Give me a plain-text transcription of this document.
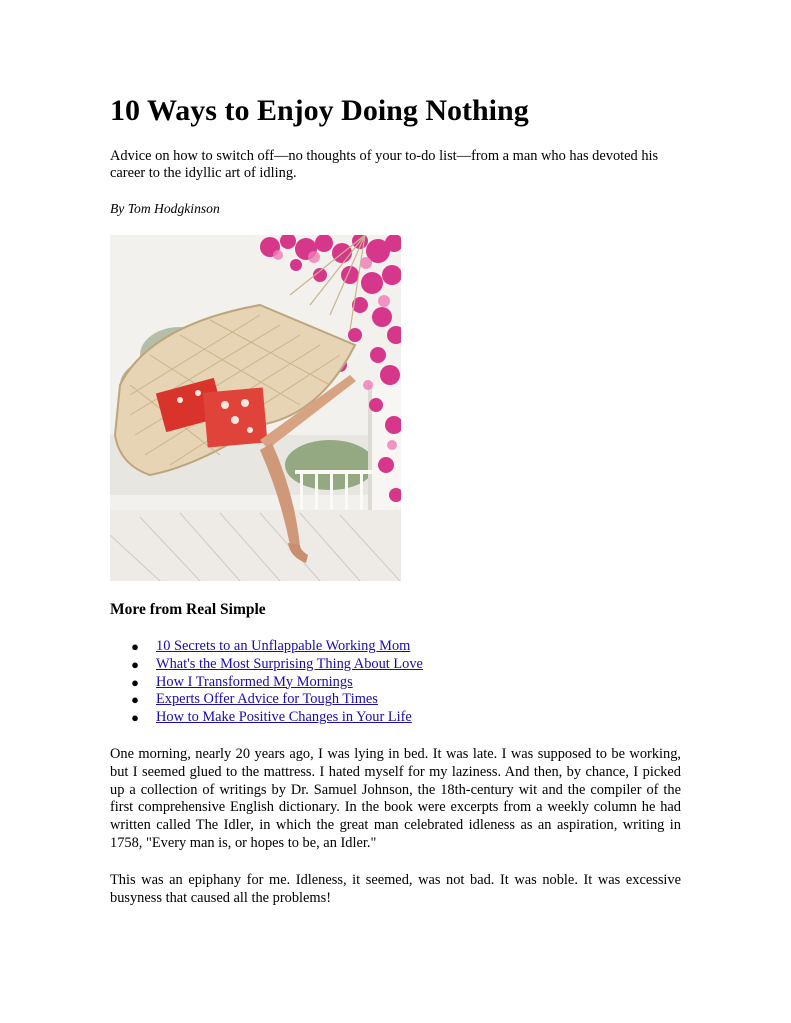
10 Ways to Enjoy Doing Nothing

Advice on how to switch off—no thoughts of your to-do list—from a man who has devoted his career to the idyllic art of idling.

By Tom Hodgkinson

More from Real Simple
● 10 Secrets to an Unflappable Working Mom
● What's the Most Surprising Thing About Love
● How I Transformed My Mornings
● Experts Offer Advice for Tough Times
● How to Make Positive Changes in Your Life

One morning, nearly 20 years ago, I was lying in bed. It was late. I was supposed to be working, but I seemed glued to the mattress. I hated myself for my laziness. And then, by chance, I picked up a collection of writings by Dr. Samuel Johnson, the 18th-century wit and the compiler of the first comprehensive English dictionary. In the book were excerpts from a weekly column he had written called The Idler, in which the great man celebrated idleness as an aspiration, writing in 1758, "Every man is, or hopes to be, an Idler."

This was an epiphany for me. Idleness, it seemed, was not bad. It was noble. It was excessive busyness that caused all the problems!
